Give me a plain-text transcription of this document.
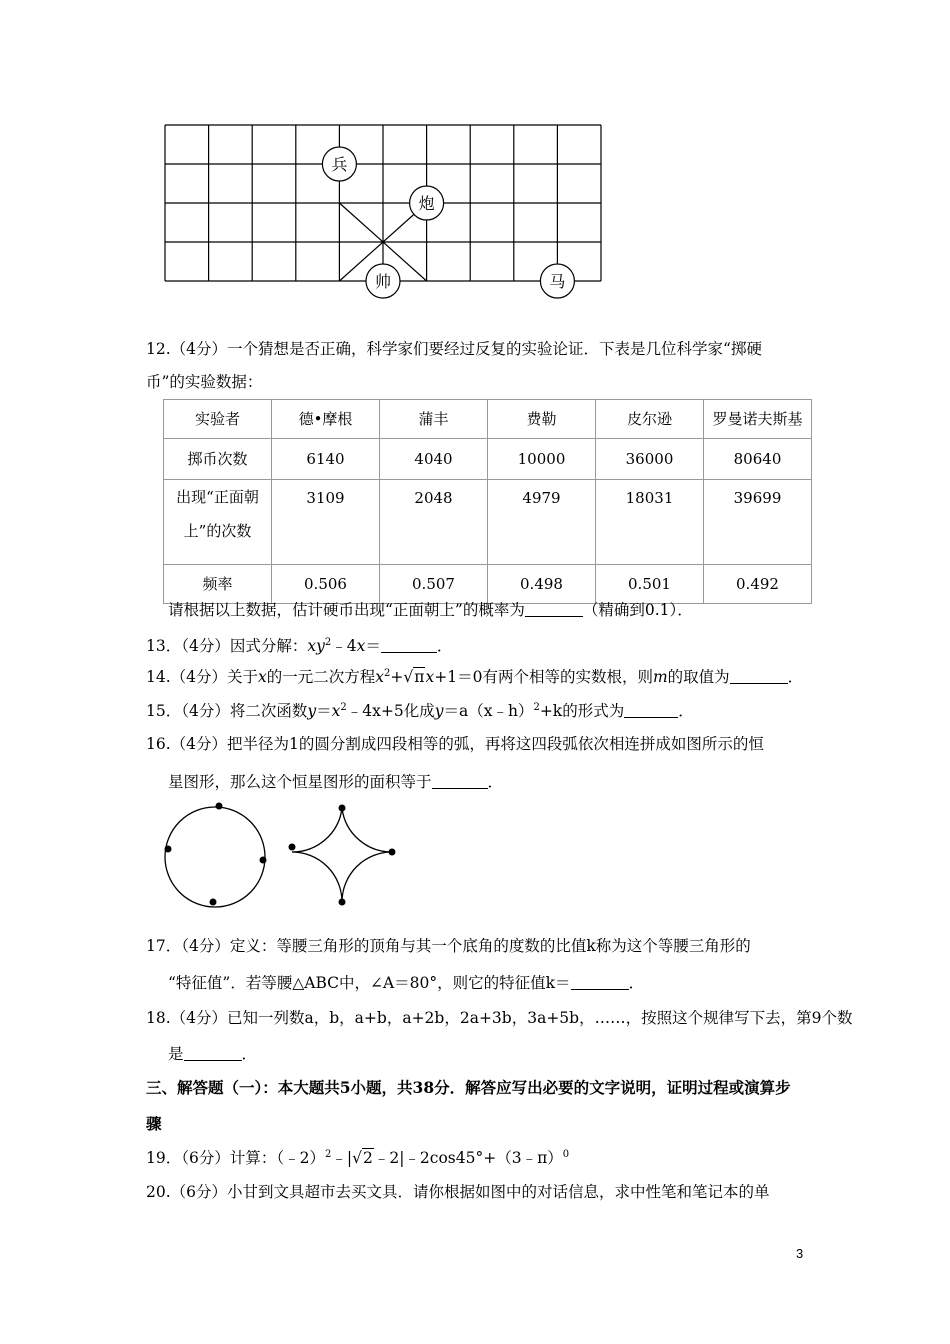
兵
炮
帅	马
12.（4分）一个猜想是否正确，科学家们要经过反复的实验论证．下表是几位科学家“掷硬
币”的实验数据：
实验者	德•摩根	蒲丰	费勒	皮尔逊	罗曼诺夫斯基
掷币次数	6140	4040	10000	36000	80640

出现“正面朝
上”的次数	3109	2048	4979	18031	39699
频率	0.506	0.507	0.498	0.501	0.492
请根据以上数据，估计硬币出现“正面朝上”的概率为	（精确到0.1）．
13．（4分）因式分解：$xy^2﹣4x=$	．
14.（4分）关于x的一元二次方程$x^2+√\pi x+1=0$有两个相等的实数根，则m的取值为	．
15．（4分）将二次函数$y=x^2﹣4x+5$化成y＝a（x﹣h）$^2$+k的形式为	．
16.（4分）把半径为1的圆分割成四段相等的弧，再将这四段弧依次相连拼成如图所示的恒
星图形，那么这个恒星图形的面积等于	．
17．（4分）定义：等腰三角形的顶角与其一个底角的度数的比值k称为这个等腰三角形的
“特征值”．若等腰△ABC中，∠A＝80°，则它的特征值k＝	．
18.（4分）已知一列数a，b，a+b，a+2b，2a+3b，3a+5b，……，按照这个规律写下去，第9个数
是	．
三、解答题（一）：本大题共5小题，共38分．解答应写出必要的文字说明，证明过程或演算步
骤
19．（6分）计算：（﹣2）$^2$﹣|√2﹣2|﹣2cos45°+（3﹣π）$^0$
20.（6分）小甘到文具超市去买文具．请你根据如图中的对话信息，求中性笔和笔记本的单
3
